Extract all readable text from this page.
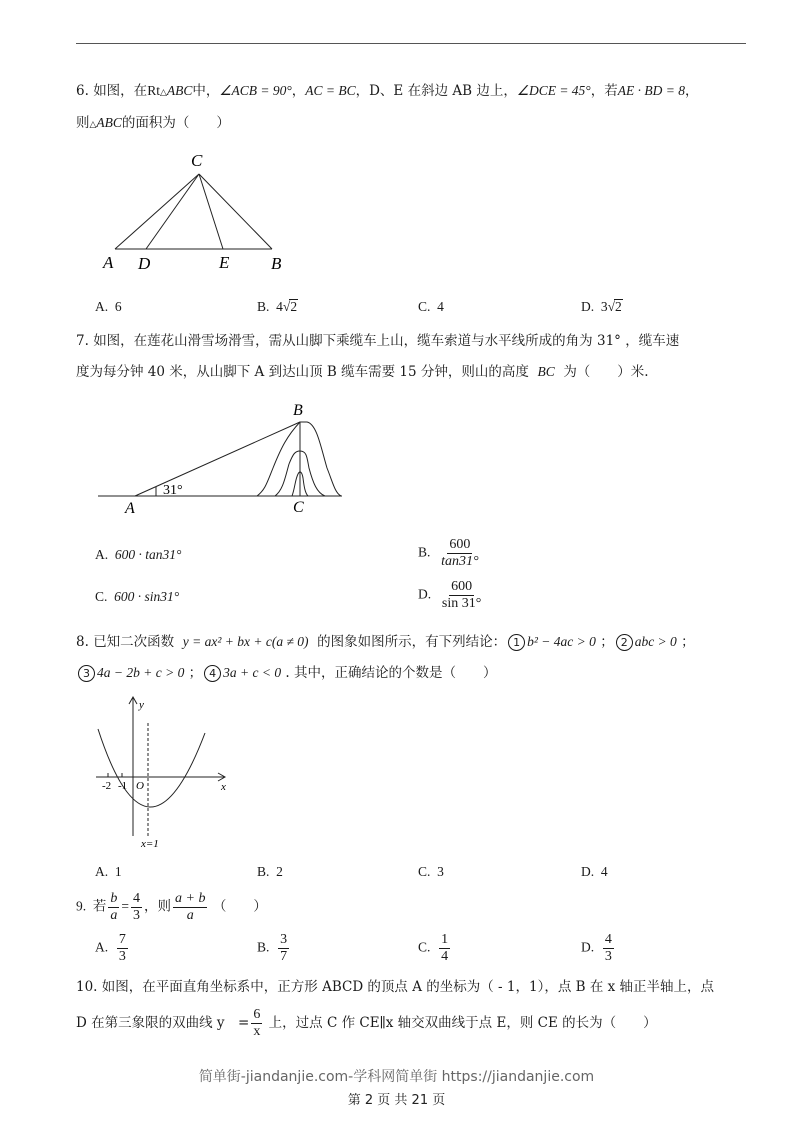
6. 如图，在Rt△ABC中，∠ACB = 90°，AC = BC，D、E 在斜边 AB 边上，∠DCE = 45°，若AE · BD = 8，
则△ABC的面积为（　　）
C
A D	E B
A. 6	B. 4√2	C. 4	D. 3√2
7. 如图，在莲花山滑雪场滑雪，需从山脚下乘缆车上山，缆车索道与水平线所成的角为 31° ，缆车速
度为每分钟 40 米，从山脚下 A 到达山顶 B 缆车需要 15 分钟，则山的高度 BC 为（　　）米.
B
A	C
31°
A. 600 · tan31°	B. $\frac{600}{\tan 31^\circ}$
C. 600 · sin31°	D. $\frac{600}{\sin 31^\circ}$
8. 已知二次函数 y = ax² + bx + c(a ≠ 0) 的图象如图所示，有下列结论： 1 b² − 4ac > 0 ； 2 abc > 0 ；
3 4a − 2b + c > 0 ； 4 3a + c < 0 . 其中，正确结论的个数是（　　）
y
x
O
-2 -1
x=1
A. 1	B. 2	C. 3	D. 4
9. 若 $\frac{b}{a} = \frac{4}{3}$ ，则 $\frac{a + b}{a}$ （　　）
A. $\frac{7}{3}$	B. $\frac{3}{7}$	C. $\frac{1}{4}$	D. $\frac{4}{3}$
10. 如图，在平面直角坐标系中，正方形 ABCD 的顶点 A 的坐标为（ - 1，1），点 B 在 x 轴正半轴上，点
D 在第三象限的双曲线 y　= $\frac{6}{x}$ 上，过点 C 作 CE∥x 轴交双曲线于点 E，则 CE 的长为（　　）
简单街-jiandanjie.com-学科网简单街 https://jiandanjie.com
第 2 页 共 21 页
